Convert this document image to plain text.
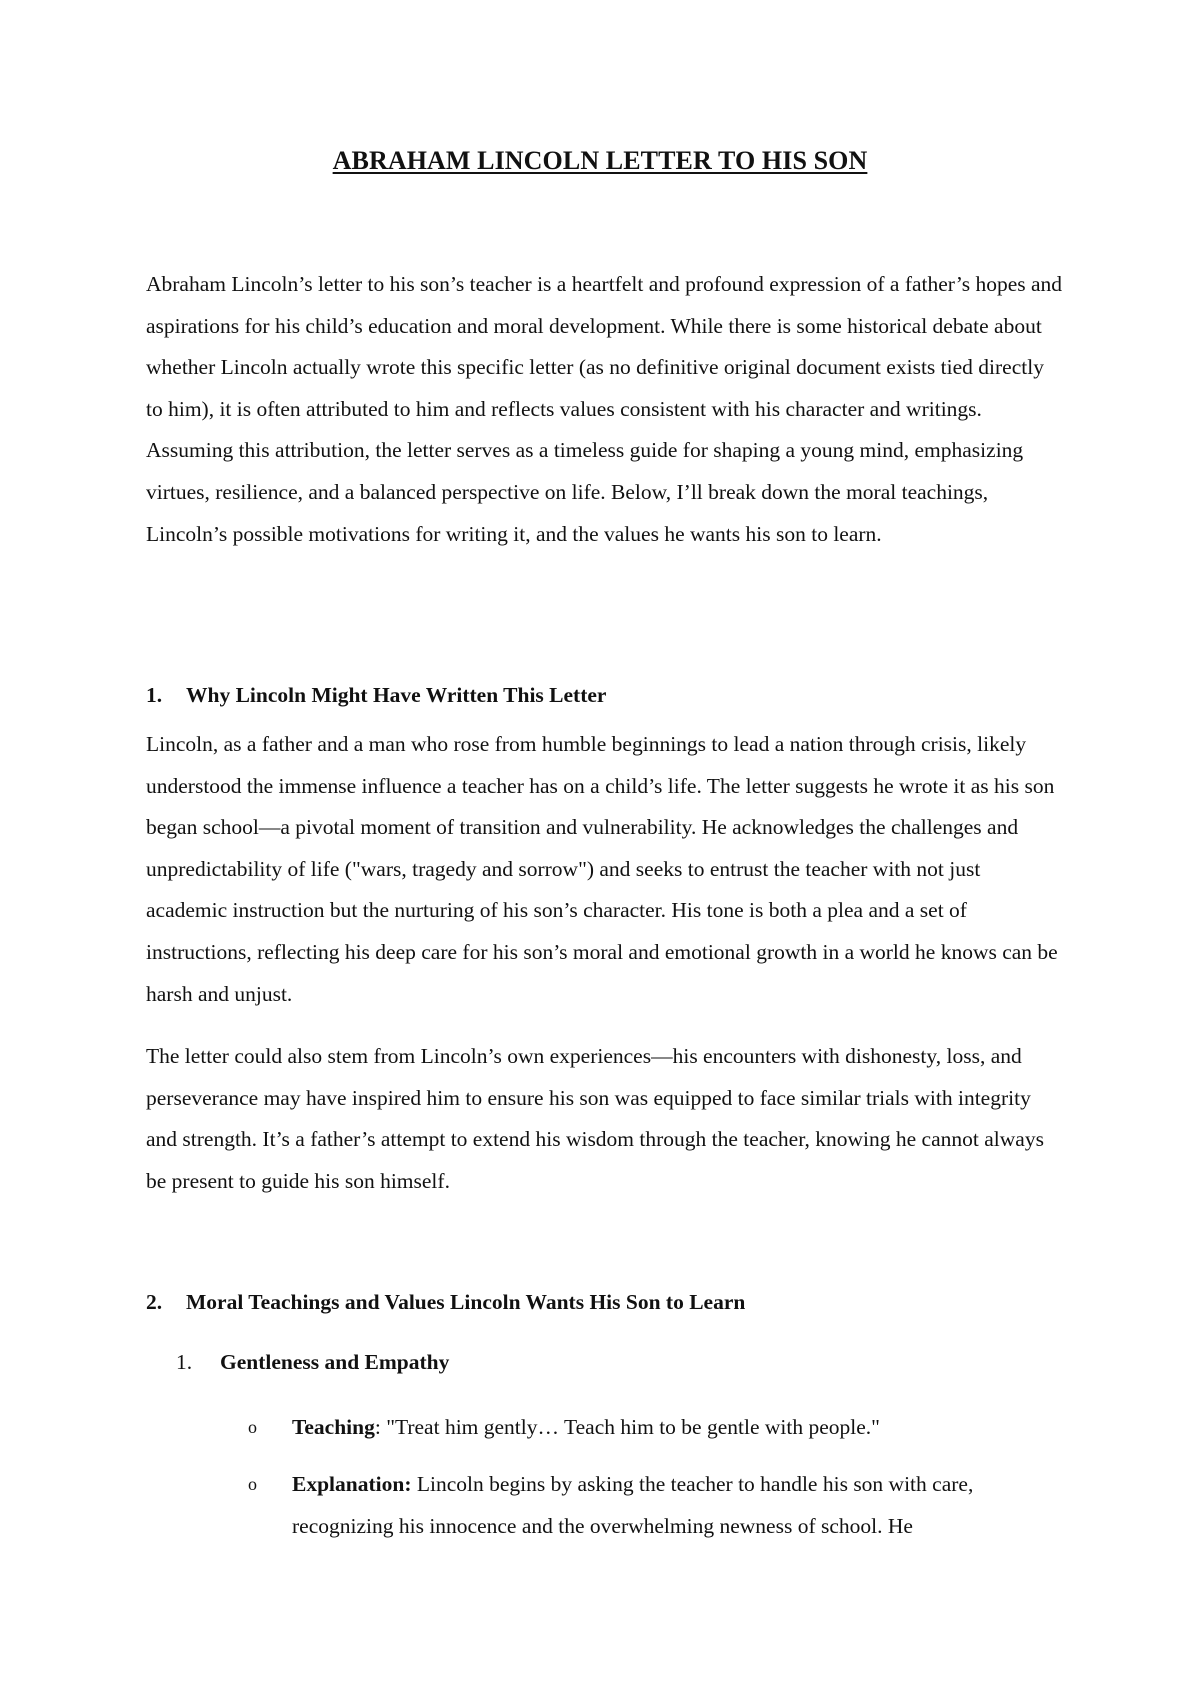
ABRAHAM LINCOLN LETTER TO HIS SON

Abraham Lincoln’s letter to his son’s teacher is a heartfelt and profound expression of a father’s hopes and aspirations for his child’s education and moral development. While there is some historical debate about whether Lincoln actually wrote this specific letter (as no definitive original document exists tied directly to him), it is often attributed to him and reflects values consistent with his character and writings. Assuming this attribution, the letter serves as a timeless guide for shaping a young mind, emphasizing virtues, resilience, and a balanced perspective on life. Below, I’ll break down the moral teachings, Lincoln’s possible motivations for writing it, and the values he wants his son to learn.

1. Why Lincoln Might Have Written This Letter

Lincoln, as a father and a man who rose from humble beginnings to lead a nation through crisis, likely understood the immense influence a teacher has on a child’s life. The letter suggests he wrote it as his son began school—a pivotal moment of transition and vulnerability. He acknowledges the challenges and unpredictability of life ("wars, tragedy and sorrow") and seeks to entrust the teacher with not just academic instruction but the nurturing of his son’s character. His tone is both a plea and a set of instructions, reflecting his deep care for his son’s moral and emotional growth in a world he knows can be harsh and unjust.

The letter could also stem from Lincoln’s own experiences—his encounters with dishonesty, loss, and perseverance may have inspired him to ensure his son was equipped to face similar trials with integrity and strength. It’s a father’s attempt to extend his wisdom through the teacher, knowing he cannot always be present to guide his son himself.

2. Moral Teachings and Values Lincoln Wants His Son to Learn
1. Gentleness and Empathy
o Teaching: "Treat him gently… Teach him to be gentle with people."
o Explanation: Lincoln begins by asking the teacher to handle his son with care, recognizing his innocence and the overwhelming newness of school. He
